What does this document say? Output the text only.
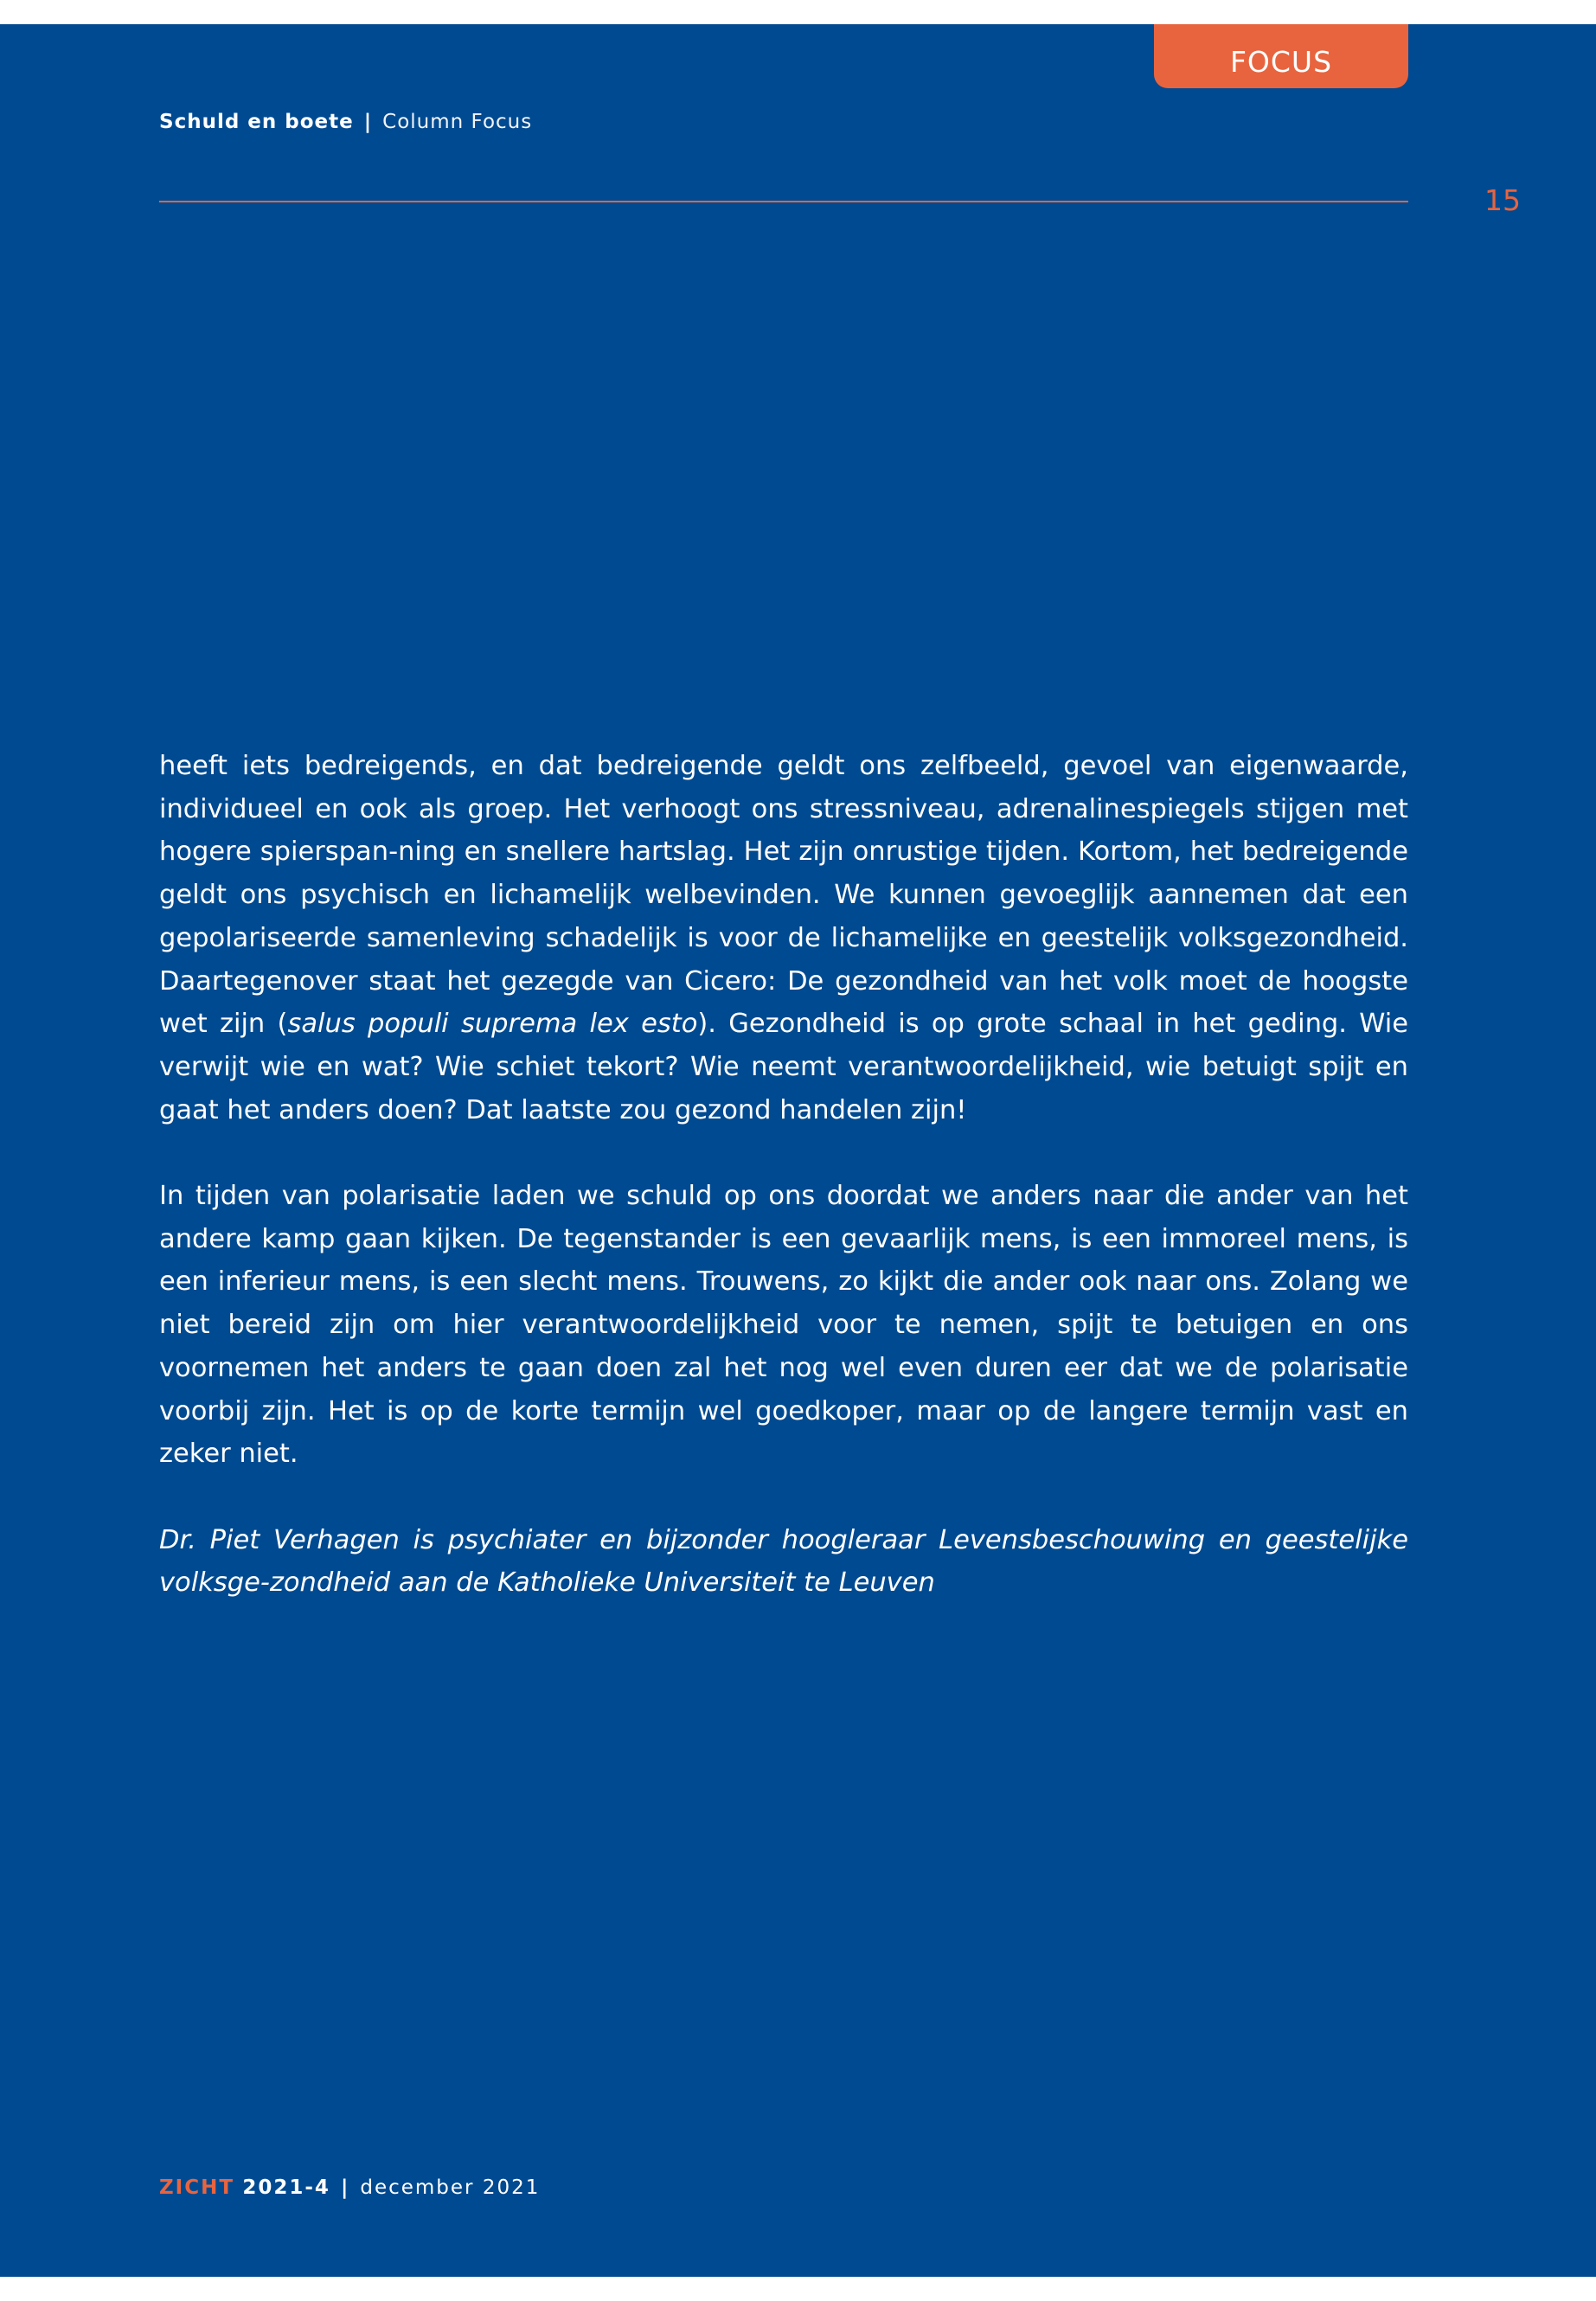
FOCUS
Schuld en boete | Column Focus
15

heeft iets bedreigends, en dat bedreigende geldt ons zelfbeeld, gevoel van eigenwaarde, individueel en ook als groep. Het verhoogt ons stressniveau, adrenalinespiegels stijgen met hogere spierspan-ning en snellere hartslag. Het zijn onrustige tijden. Kortom, het bedreigende geldt ons psychisch en lichamelijk welbevinden. We kunnen gevoeglijk aannemen dat een gepolariseerde samenleving schadelijk is voor de lichamelijke en geestelijk volksgezondheid. Daartegenover staat het gezegde van Cicero: De gezondheid van het volk moet de hoogste wet zijn (salus populi suprema lex esto). Gezondheid is op grote schaal in het geding. Wie verwijt wie en wat? Wie schiet tekort? Wie neemt verantwoordelijkheid, wie betuigt spijt en gaat het anders doen? Dat laatste zou gezond handelen zijn!

In tijden van polarisatie laden we schuld op ons doordat we anders naar die ander van het andere kamp gaan kijken. De tegenstander is een gevaarlijk mens, is een immoreel mens, is een inferieur mens, is een slecht mens. Trouwens, zo kijkt die ander ook naar ons. Zolang we niet bereid zijn om hier verantwoordelijkheid voor te nemen, spijt te betuigen en ons voornemen het anders te gaan doen zal het nog wel even duren eer dat we de polarisatie voorbij zijn. Het is op de korte termijn wel goedkoper, maar op de langere termijn vast en zeker niet.

Dr. Piet Verhagen is psychiater en bijzonder hoogleraar Levensbeschouwing en geestelijke volksge-zondheid aan de Katholieke Universiteit te Leuven

ZICHT 2021-4 | december 2021
